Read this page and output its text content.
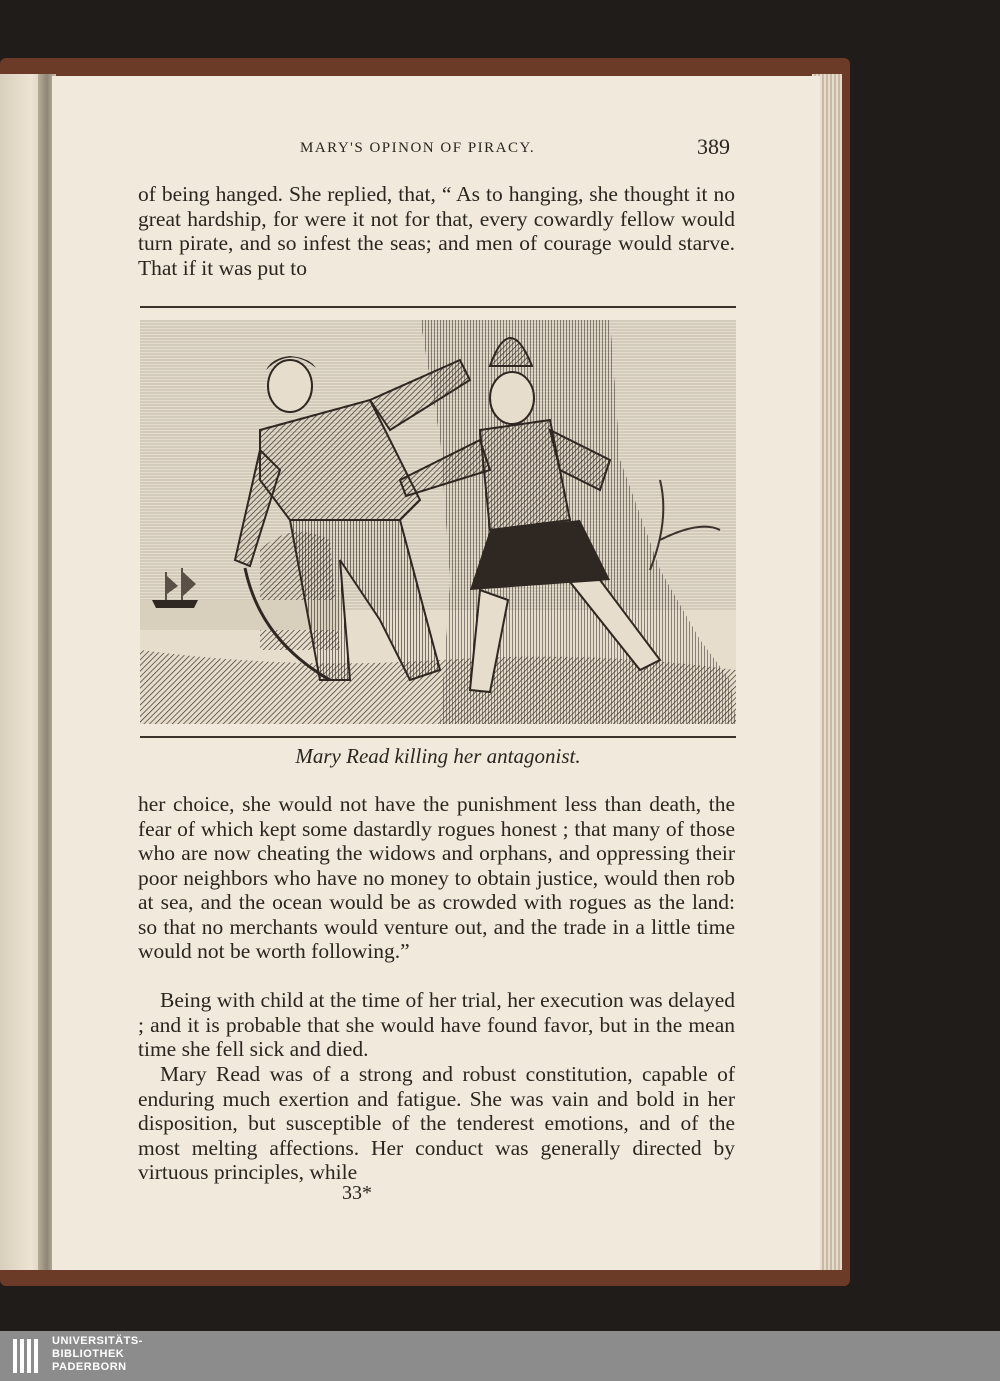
MARY'S OPINON OF PIRACY.	389

of being hanged. She replied, that, “ As to hanging, she thought it no great hardship, for were it not for that, every cowardly fellow would turn pirate, and so infest the seas; and men of courage would starve. That if it was put to

Mary Read killing her antagonist.

her choice, she would not have the punishment less than death, the fear of which kept some dastardly rogues honest ; that many of those who are now cheating the widows and orphans, and oppressing their poor neighbors who have no money to obtain justice, would then rob at sea, and the ocean would be as crowded with rogues as the land: so that no merchants would venture out, and the trade in a little time would not be worth following.”

Being with child at the time of her trial, her execution was delayed ; and it is probable that she would have found favor, but in the mean time she fell sick and died.

Mary Read was of a strong and robust constitution, capable of enduring much exertion and fatigue. She was vain and bold in her disposition, but susceptible of the tenderest emotions, and of the most melting affections. Her conduct was generally directed by virtuous principles, while

33*
UNIVERSITÄTS-
BIBLIOTHEK
PADERBORN
